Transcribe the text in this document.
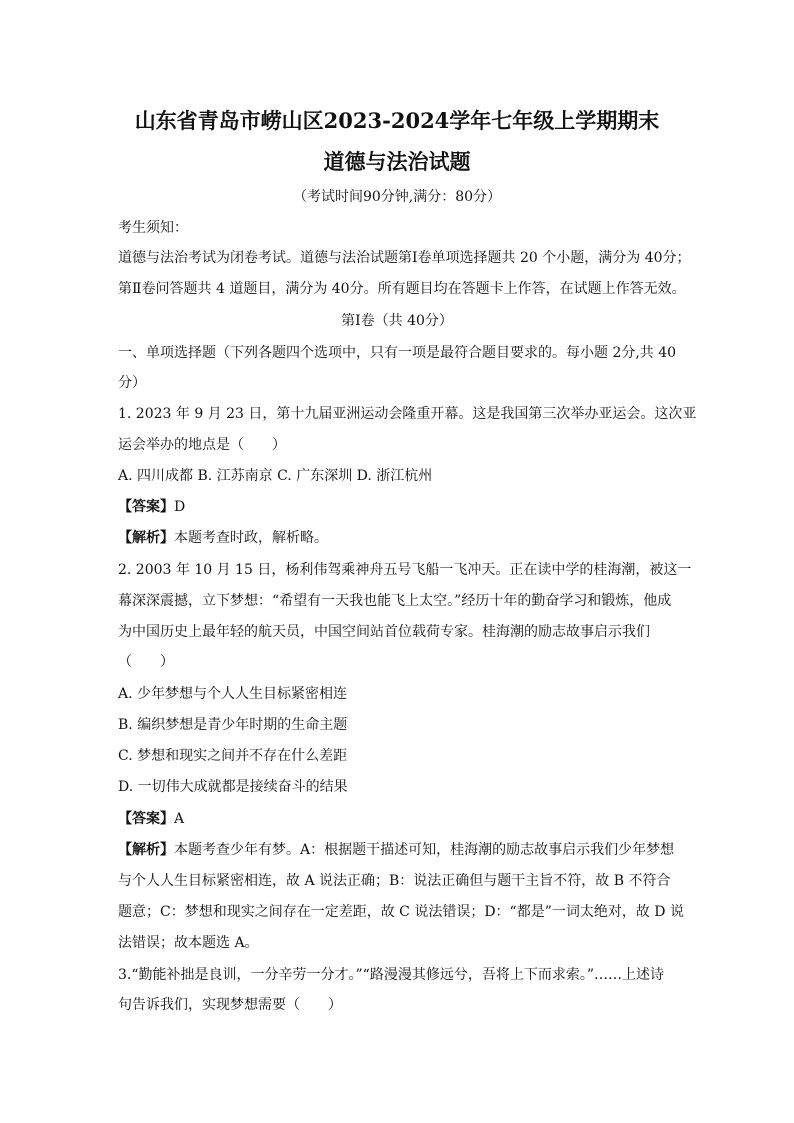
山东省青岛市崂山区2023-2024学年七年级上学期期末
道德与法治试题

（考试时间90分钟,满分：80分）

考生须知：

道德与法治考试为闭卷考试。道德与法治试题第Ⅰ卷单项选择题共 20 个小题，满分为 40分；

第Ⅱ卷问答题共 4 道题目，满分为 40分。所有题目均在答题卡上作答，在试题上作答无效。

第Ⅰ卷（共 40分）

一、单项选择题（下列各题四个选项中，只有一项是最符合题目要求的。每小题 2分,共 40

分）

1. 2023 年 9 月 23 日，第十九届亚洲运动会隆重开幕。这是我国第三次举办亚运会。这次亚

运会举办的地点是（　　）

A. 四川成都 B. 江苏南京 C. 广东深圳 D. 浙江杭州

【答案】D

【解析】本题考查时政，解析略。

2. 2003 年 10 月 15 日，杨利伟驾乘神舟五号飞船一飞冲天。正在读中学的桂海潮，被这一

幕深深震撼，立下梦想：“希望有一天我也能飞上太空。”经历十年的勤奋学习和锻炼，他成

为中国历史上最年轻的航天员，中国空间站首位载荷专家。桂海潮的励志故事启示我们

（　　）

A. 少年梦想与个人人生目标紧密相连

B. 编织梦想是青少年时期的生命主题

C. 梦想和现实之间并不存在什么差距

D. 一切伟大成就都是接续奋斗的结果

【答案】A

【解析】本题考查少年有梦。A：根据题干描述可知，桂海潮的励志故事启示我们少年梦想

与个人人生目标紧密相连，故 A 说法正确；B：说法正确但与题干主旨不符，故 B 不符合

题意；C：梦想和现实之间存在一定差距，故 C 说法错误；D：“都是”一词太绝对，故 D 说

法错误；故本题选 A。

3.“勤能补拙是良训，一分辛劳一分才。”“路漫漫其修远兮，吾将上下而求索。”……上述诗

句告诉我们，实现梦想需要（　　）
